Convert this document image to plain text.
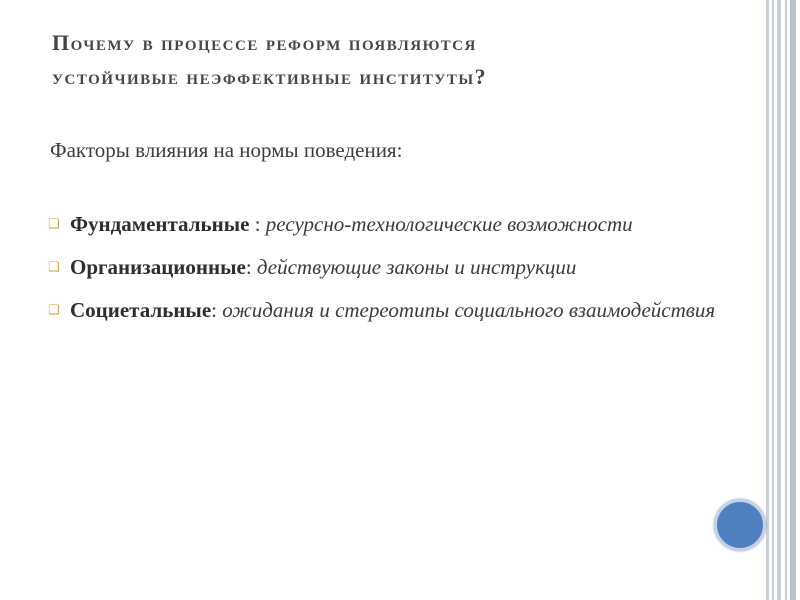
Почему в процессе реформ появляются
устойчивые неэффективные институты?
Факторы влияния на нормы поведения:
❑ Фундаментальные : ресурсно-технологические возможности
❑ Организационные: действующие законы и инструкции
❑ Социетальные: ожидания и стереотипы социального взаимодействия
